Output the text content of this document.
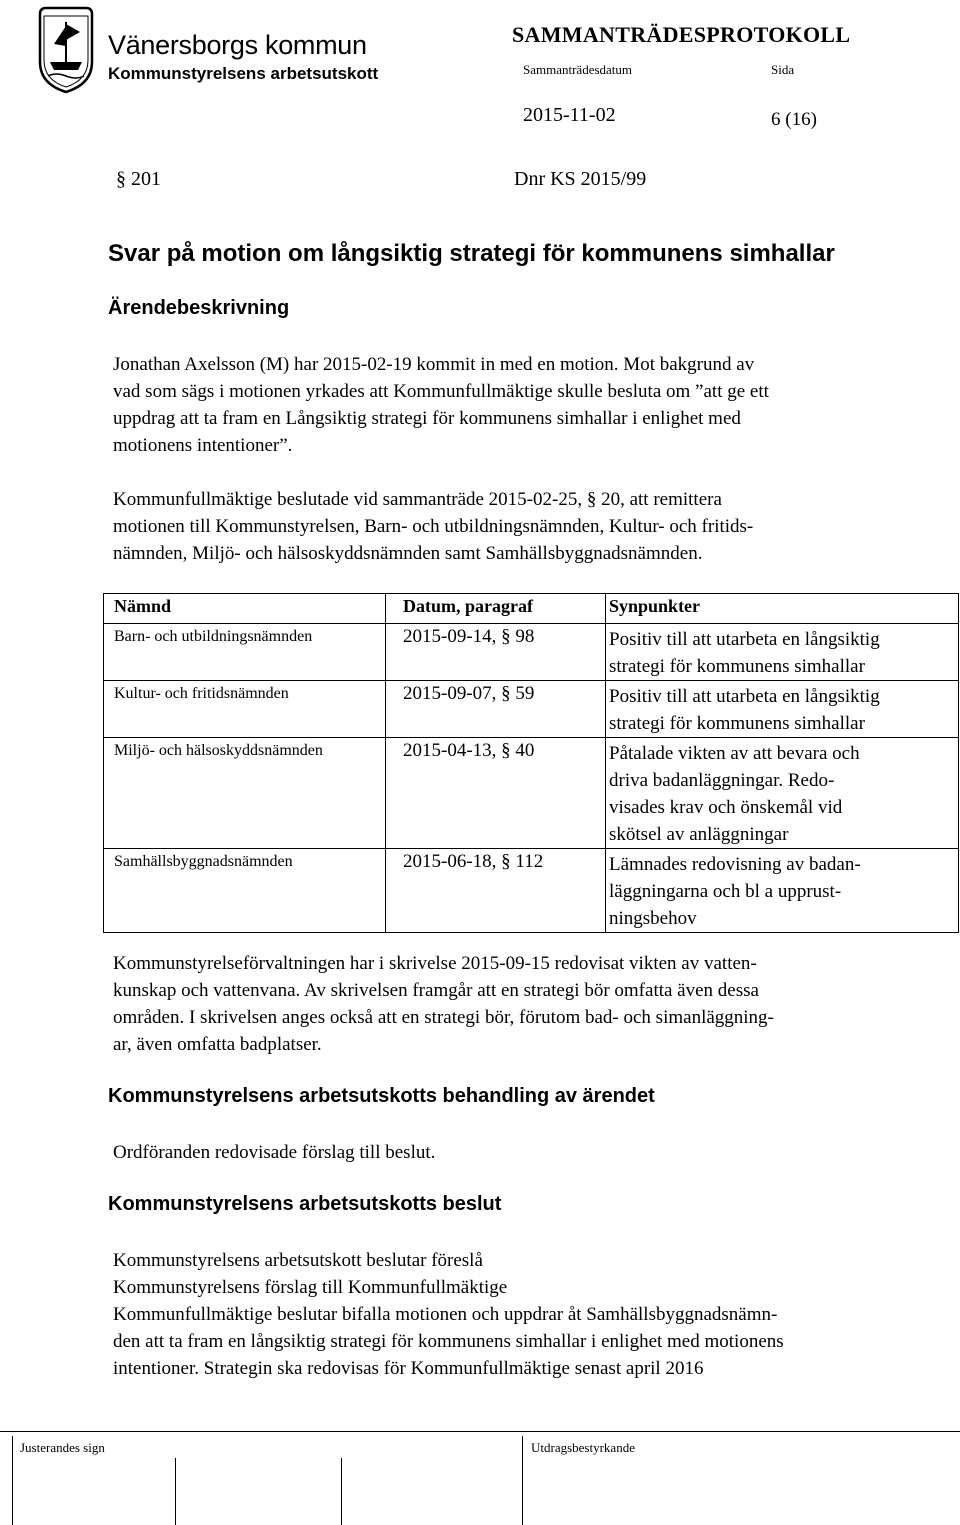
Vänersborgs kommun
Kommunstyrelsens arbetsutskott
SAMMANTRÄDESPROTOKOLL
Sammanträdesdatum	Sida
2015-11-02	6 (16)
§ 201	Dnr KS 2015/99
Svar på motion om långsiktig strategi för kommunens simhallar
Ärendebeskrivning
Jonathan Axelsson (M) har 2015-02-19 kommit in med en motion. Mot bakgrund av
vad som sägs i motionen yrkades att Kommunfullmäktige skulle besluta om ”att ge ett
uppdrag att ta fram en Långsiktig strategi för kommunens simhallar i enlighet med
motionens intentioner”.
Kommunfullmäktige beslutade vid sammanträde 2015-02-25, § 20, att remittera
motionen till Kommunstyrelsen, Barn- och utbildningsnämnden, Kultur- och fritids-
nämnden, Miljö- och hälsoskyddsnämnden samt Samhällsbyggnadsnämnden.
Nämnd	Datum, paragraf	Synpunkter
Barn- och utbildningsnämnden	2015-09-14, § 98	Positiv till att utarbeta en långsiktig
strategi för kommunens simhallar

Kultur- och fritidsnämnden	2015-09-07, § 59	Positiv till att utarbeta en långsiktig
strategi för kommunens simhallar

Miljö- och hälsoskyddsnämnden	2015-04-13, § 40	Påtalade vikten av att bevara och
driva badanläggningar. Redo-
visades krav och önskemål vid
skötsel av anläggningar

Samhällsbyggnadsnämnden	2015-06-18, § 112	Lämnades redovisning av badan-
läggningarna och bl a upprust-
ningsbehov
Kommunstyrelseförvaltningen har i skrivelse 2015-09-15 redovisat vikten av vatten-
kunskap och vattenvana. Av skrivelsen framgår att en strategi bör omfatta även dessa
områden. I skrivelsen anges också att en strategi bör, förutom bad- och simanläggning-
ar, även omfatta badplatser.
Kommunstyrelsens arbetsutskotts behandling av ärendet
Ordföranden redovisade förslag till beslut.
Kommunstyrelsens arbetsutskotts beslut
Kommunstyrelsens arbetsutskott beslutar föreslå
Kommunstyrelsens förslag till Kommunfullmäktige
Kommunfullmäktige beslutar bifalla motionen och uppdrar åt Samhällsbyggnadsnämn-
den att ta fram en långsiktig strategi för kommunens simhallar i enlighet med motionens
intentioner. Strategin ska redovisas för Kommunfullmäktige senast april 2016
Justerandes sign	Utdragsbestyrkande
